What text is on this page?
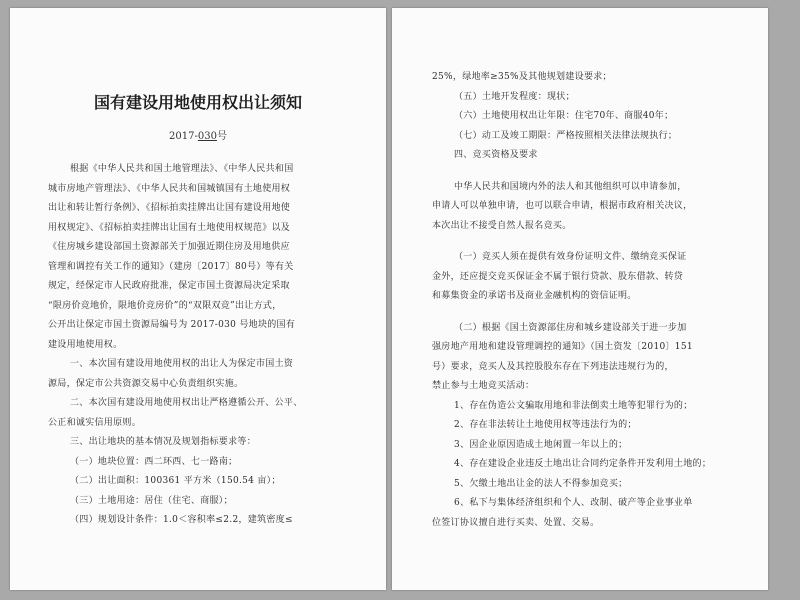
国有建设用地使用权出让须知
2017-030号
根据《中华人民共和国土地管理法》、《中华人民共和国
城市房地产管理法》、《中华人民共和国城镇国有土地使用权
出让和转让暂行条例》、《招标拍卖挂牌出让国有建设用地使
用权规定》、《招标拍卖挂牌出让国有土地使用权规范》以及
《住房城乡建设部国土资源部关于加强近期住房及用地供应
管理和调控有关工作的通知》（建房〔2017〕80号）等有关
规定，经保定市人民政府批准，保定市国土资源局决定采取
“限房价竞地价，限地价竞房价”的“双限双竞”出让方式，
公开出让保定市国土资源局编号为 2017-030 号地块的国有
建设用地使用权。
一、本次国有建设用地使用权的出让人为保定市国土资
源局，保定市公共资源交易中心负责组织实施。
二、本次国有建设用地使用权出让严格遵循公开、公平、
公正和诚实信用原则。
三、出让地块的基本情况及规划指标要求等：
（一）地块位置：西二环西、七一路南；
（二）出让面积：100361 平方米（150.54 亩）；
（三）土地用途：居住（住宅、商服）；
（四）规划设计条件：1.0＜容积率≤2.2，建筑密度≤
25%，绿地率≥35%及其他规划建设要求；
（五）土地开发程度：现状；
（六）土地使用权出让年限：住宅70年、商服40年；
（七）动工及竣工期限：严格按照相关法律法规执行；
四、竞买资格及要求
中华人民共和国境内外的法人和其他组织可以申请参加，
申请人可以单独申请，也可以联合申请，根据市政府相关决议，
本次出让不接受自然人报名竞买。
（一）竞买人须在提供有效身份证明文件、缴纳竞买保证
金外，还应提交竞买保证金不属于银行贷款、股东借款、转贷
和募集资金的承诺书及商业金融机构的资信证明。
（二）根据《国土资源部住房和城乡建设部关于进一步加
强房地产用地和建设管理调控的通知》（国土资发〔2010〕151
号）要求，竞买人及其控股股东存在下列违法违规行为的，
禁止参与土地竞买活动：
1、存在伪造公文骗取用地和非法倒卖土地等犯罪行为的；
2、存在非法转让土地使用权等违法行为的；
3、因企业原因造成土地闲置一年以上的；
4、存在建设企业违反土地出让合同约定条件开发利用土地的；
5、欠缴土地出让金的法人不得参加竞买；
6、私下与集体经济组织和个人、改制、破产等企业事业单
位签订协议擅自进行买卖、处置、交易。
